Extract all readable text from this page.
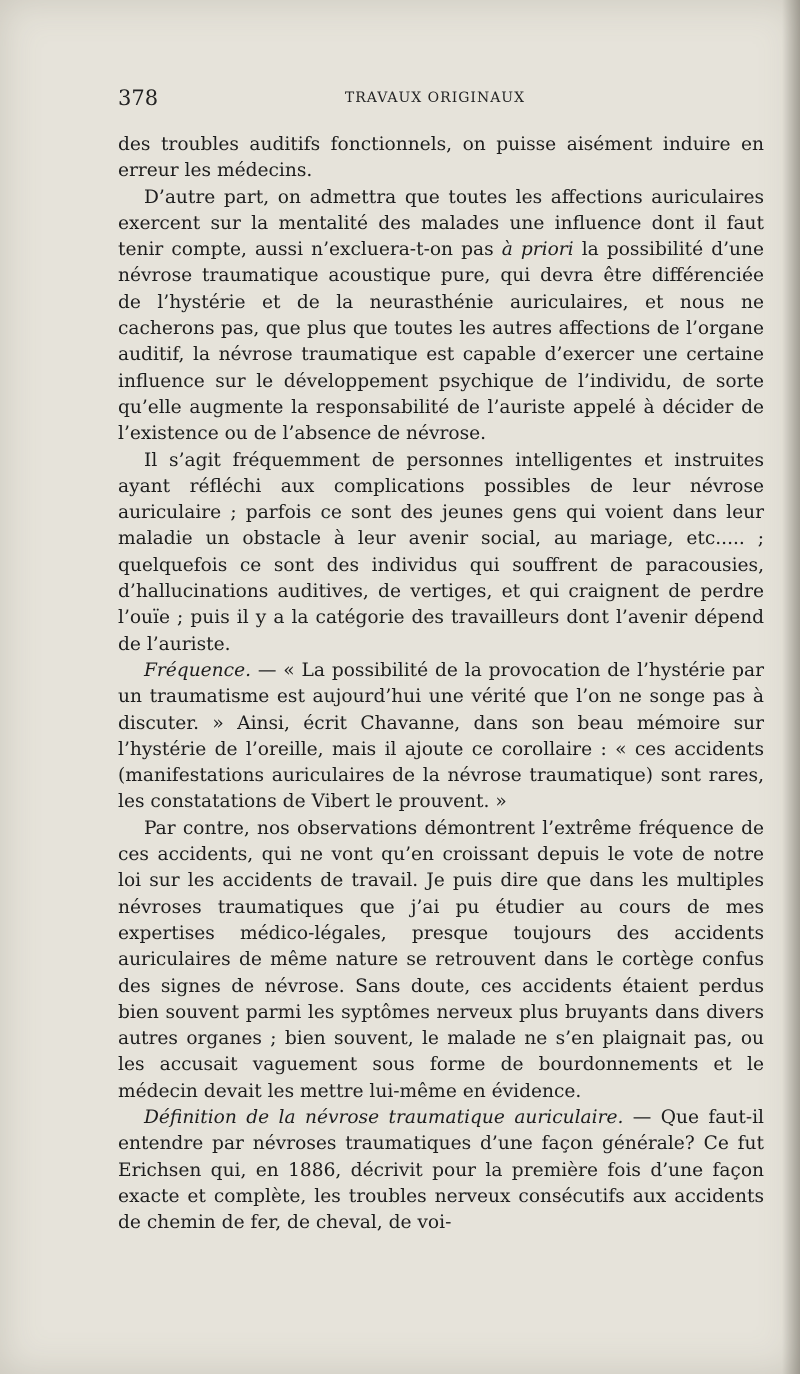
378	TRAVAUX ORIGINAUX

des troubles auditifs fonctionnels, on puisse aisément induire en erreur les médecins.

D’autre part, on admettra que toutes les affections auriculaires exercent sur la mentalité des malades une influence dont il faut tenir compte, aussi n’excluera-t-on pas à priori la possibilité d’une névrose traumatique acoustique pure, qui devra être différenciée de l’hystérie et de la neurasthénie auriculaires, et nous ne cacherons pas, que plus que toutes les autres affections de l’organe auditif, la névrose traumatique est capable d’exercer une certaine influence sur le développement psychique de l’individu, de sorte qu’elle augmente la responsabilité de l’auriste appelé à décider de l’existence ou de l’absence de névrose.

Il s’agit fréquemment de personnes intelligentes et instruites ayant réfléchi aux complications possibles de leur névrose auriculaire ; parfois ce sont des jeunes gens qui voient dans leur maladie un obstacle à leur avenir social, au mariage, etc..... ; quelquefois ce sont des individus qui souffrent de paracousies, d’hallucinations auditives, de vertiges, et qui craignent de perdre l’ouïe ; puis il y a la catégorie des travailleurs dont l’avenir dépend de l’auriste.

Fréquence. — « La possibilité de la provocation de l’hystérie par un traumatisme est aujourd’hui une vérité que l’on ne songe pas à discuter. » Ainsi, écrit Chavanne, dans son beau mémoire sur l’hystérie de l’oreille, mais il ajoute ce corollaire : « ces accidents (manifestations auriculaires de la névrose traumatique) sont rares, les constatations de Vibert le prouvent. »

Par contre, nos observations démontrent l’extrême fréquence de ces accidents, qui ne vont qu’en croissant depuis le vote de notre loi sur les accidents de travail. Je puis dire que dans les multiples névroses traumatiques que j’ai pu étudier au cours de mes expertises médico-légales, presque toujours des accidents auriculaires de même nature se retrouvent dans le cortège confus des signes de névrose. Sans doute, ces accidents étaient perdus bien souvent parmi les syptômes nerveux plus bruyants dans divers autres organes ; bien souvent, le malade ne s’en plaignait pas, ou les accusait vaguement sous forme de bourdonnements et le médecin devait les mettre lui-même en évidence.

Définition de la névrose traumatique auriculaire. — Que faut-il entendre par névroses traumatiques d’une façon générale? Ce fut Erichsen qui, en 1886, décrivit pour la première fois d’une façon exacte et complète, les troubles nerveux consécutifs aux accidents de chemin de fer, de cheval, de voi-
